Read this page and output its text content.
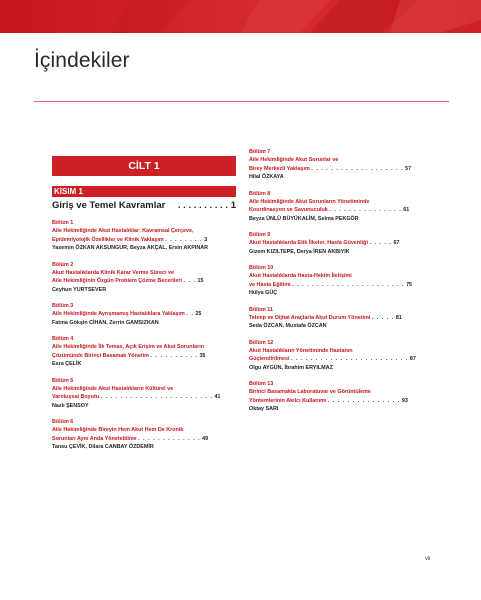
İçindekiler
CİLT 1
KISIM 1
Giriş ve Temel Kavramlar . . . . . . . . . . 1
Bölüm 1
Aile Hekimliğinde Akut Hastalıklar: Kavramsal Çerçeve,
Epidemiyolojik Özellikler ve Klinik Yaklaşım . . . . . . . . 3
Yasemin ÖZKAN AKSUNGUR, Beyza AKÇAL, Ersin AKPINAR
Bölüm 2
Akut Hastalıklarda Klinik Karar Verme Süreci ve
Aile Hekimliğinin Özgün Problem Çözme Becerileri . . . 15
Ceyhun YURTSEVER
Bölüm 3
Aile Hekimliğinde Ayrışmamış Hastalıklara Yaklaşım . . 25
Fatma Gökşin CİHAN, Zerrin GAMSIZKAN
Bölüm 4
Aile Hekimliğinde İlk Temas, Açık Erişim ve Akut Sorunların
Çözümünde Birinci Basamak Yönetim . . . . . . . . . . 35
Esra ÇELİK
Bölüm 5
Aile Hekimliğinde Akut Hastalıkların Kültürel ve
Varoluşsal Boyutu . . . . . . . . . . . . . . . . . . . . . . . 41
Nazlı ŞENSOY
Bölüm 6
Aile Hekimliğinde Bireyin Hem Akut Hem De Kronik
Sorunları Aynı Anda Yönetebilme . . . . . . . . . . . . . 49
Tansu ÇEVİK, Dilara CANBAY ÖZDEMİR
Bölüm 7
Aile Hekimliğinde Akut Sorunlar ve
Birey Merkezli Yaklaşım . . . . . . . . . . . . . . . . . . . 57
Hilal ÖZKAYA
Bölüm 8
Aile Hekimliğinde Akut Sorunların Yönetiminde
Koordinasyon ve Savunuculuk . . . . . . . . . . . . . . . 61
Beyza ÜNLÜ BÜYÜKALİM, Selma PEKGÖR
Bölüm 9
Akut Hastalıklarda Etik İlkeler, Hasta Güvenliği . . . . . 67
Gizem KIZILTEPE, Derya İREN AKBIYIK
Bölüm 10
Akut Hastalıklarda Hasta-Hekim İletişimi
ve Hasta Eğitimi . . . . . . . . . . . . . . . . . . . . . . . 75
Hülya GÜÇ
Bölüm 11
Teletıp ve Dijital Araçlarla Akut Durum Yönetimi . . . . . 81
Seda ÖZCAN, Mustafa ÖZCAN
Bölüm 12
Akut Hastalıkların Yönetiminde Hastanın
Güçlendirilmesi . . . . . . . . . . . . . . . . . . . . . . . . 87
Olgu AYGÜN, İbrahim ERYILMAZ
Bölüm 13
Birinci Basamakta Laboratuvar ve Görüntüleme
Yöntemlerinin Akılcı Kullanımı . . . . . . . . . . . . . . . 93
Oktay SARI
vii
